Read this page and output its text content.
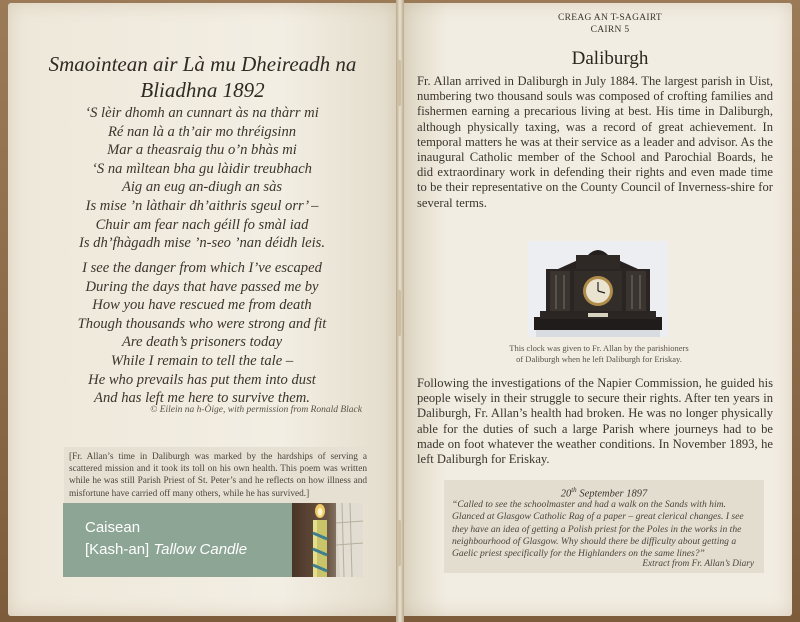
Smaointean air Là mu Dheireadh na
Bliadhna 1892
‘S lèir dhomh an cunnart às na thàrr mi
Ré nan là a th’air mo thréigsinn
Mar a theasraig thu o’n bhàs mi
‘S na mìltean bha gu làidir treubhach
Aig an eug an-diugh an sàs
Is mise ’n làthair dh’aithris sgeul orr’ –
Chuir am fear nach géill fo smàl iad
Is dh’fhàgadh mise ’n-seo ’nan déidh leis.
I see the danger from which I’ve escaped
During the days that have passed me by
How you have rescued me from death
Though thousands who were strong and fit
Are death’s prisoners today
While I remain to tell the tale –
He who prevails has put them into dust
And has left me here to survive them.
© Eilein na h-Òige, with permission from Ronald Black
[Fr. Allan’s time in Daliburgh was marked by the hardships of serving a scattered mission and it took its toll on his own health. This poem was written while he was still Parish Priest of St. Peter’s and he reflects on how illness and misfortune have carried off many others, while he has survived.]
Caisean
[Kash-an] Tallow Candle
CREAG AN T-SAGAIRT
CAIRN 5
Daliburgh
Fr. Allan arrived in Daliburgh in July 1884. The largest parish in Uist, numbering two thousand souls was composed of crofting families and fishermen earning a precarious living at best. His time in Daliburgh, although physically taxing, was a record of great achievement. In temporal matters he was at their service as a leader and advisor. As the inaugural Catholic member of the School and Parochial Boards, he did extraordinary work in defending their rights and even made time to be their representative on the County Council of Inverness-shire for several terms.
This clock was given to Fr. Allan by the parishioners
of Daliburgh when he left Daliburgh for Eriskay.
Following the investigations of the Napier Commission, he guided his people wisely in their struggle to secure their rights. After ten years in Daliburgh, Fr. Allan’s health had broken. He was no longer physically able for the duties of such a large Parish where journeys had to be made on foot whatever the weather conditions. In November 1893, he left Daliburgh for Eriskay.
20th September 1897
“Called to see the schoolmaster and had a walk on the Sands with him. Glanced at Glasgow Catholic Rag of a paper – great clerical changes. I see they have an idea of getting a Polish priest for the Poles in the works in the neighbourhood of Glasgow. Why should there be difficulty about getting a Gaelic priest specifically for the Highlanders on the same lines?”
Extract from Fr. Allan’s Diary
